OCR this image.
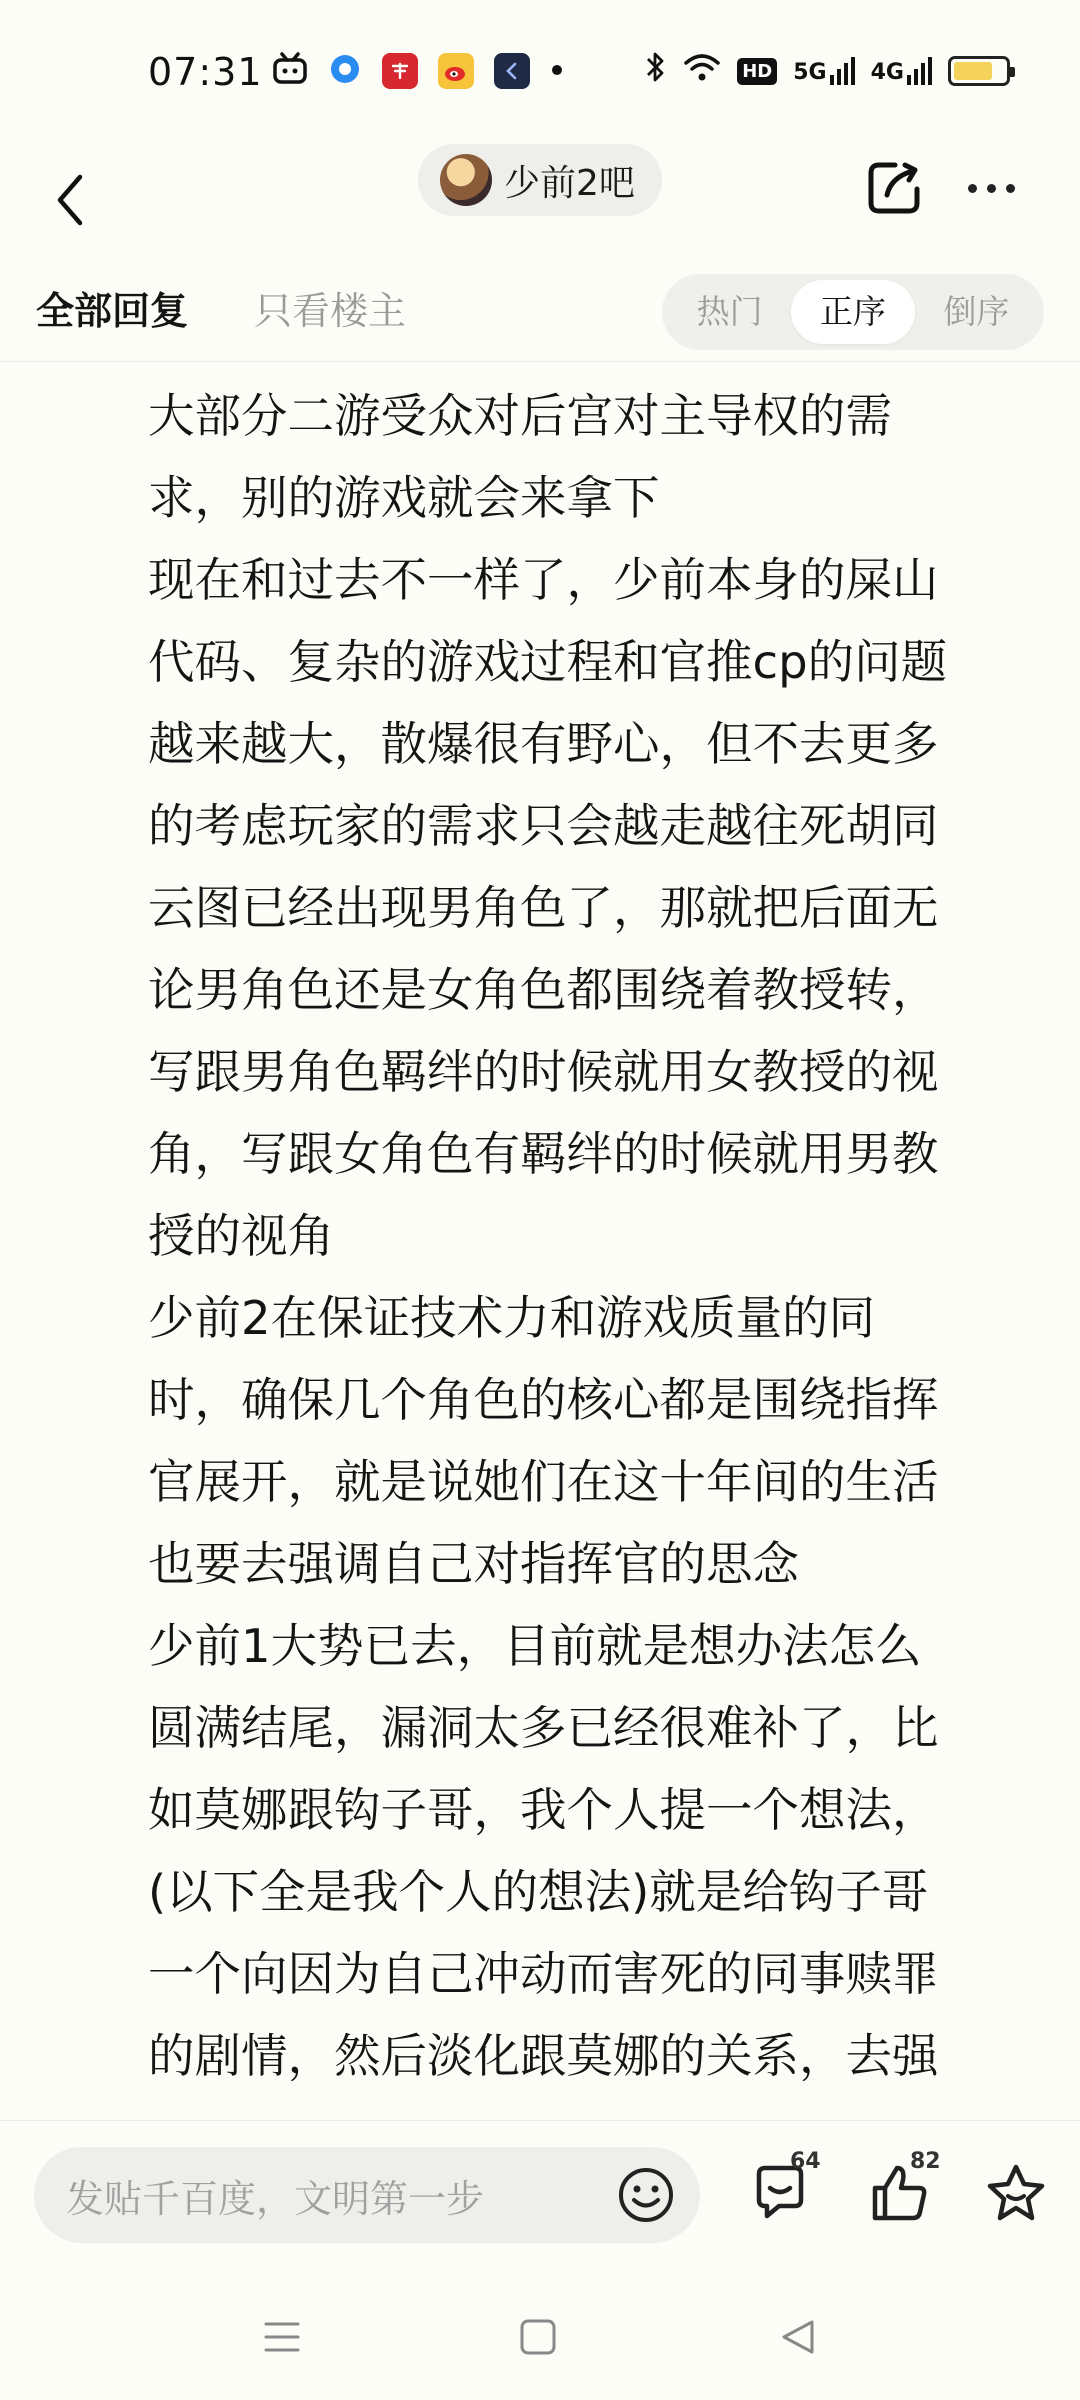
07:31	HD 5G 4G
少前2吧
全部回复 只看楼主	热门	正序	倒序
大部分二游受众对后宫对主导权的需
求，别的游戏就会来拿下
现在和过去不一样了，少前本身的屎山
代码、复杂的游戏过程和官推cp的问题
越来越大，散爆很有野心，但不去更多
的考虑玩家的需求只会越走越往死胡同
云图已经出现男角色了，那就把后面无
论男角色还是女角色都围绕着教授转，
写跟男角色羁绊的时候就用女教授的视
角，写跟女角色有羁绊的时候就用男教
授的视角
少前2在保证技术力和游戏质量的同
时，确保几个角色的核心都是围绕指挥
官展开，就是说她们在这十年间的生活
也要去强调自己对指挥官的思念
少前1大势已去，目前就是想办法怎么
圆满结尾，漏洞太多已经很难补了，比
如莫娜跟钩子哥，我个人提一个想法，
(以下全是我个人的想法)就是给钩子哥
一个向因为自己冲动而害死的同事赎罪
的剧情，然后淡化跟莫娜的关系，去强
发贴千百度，文明第一步
64	82
